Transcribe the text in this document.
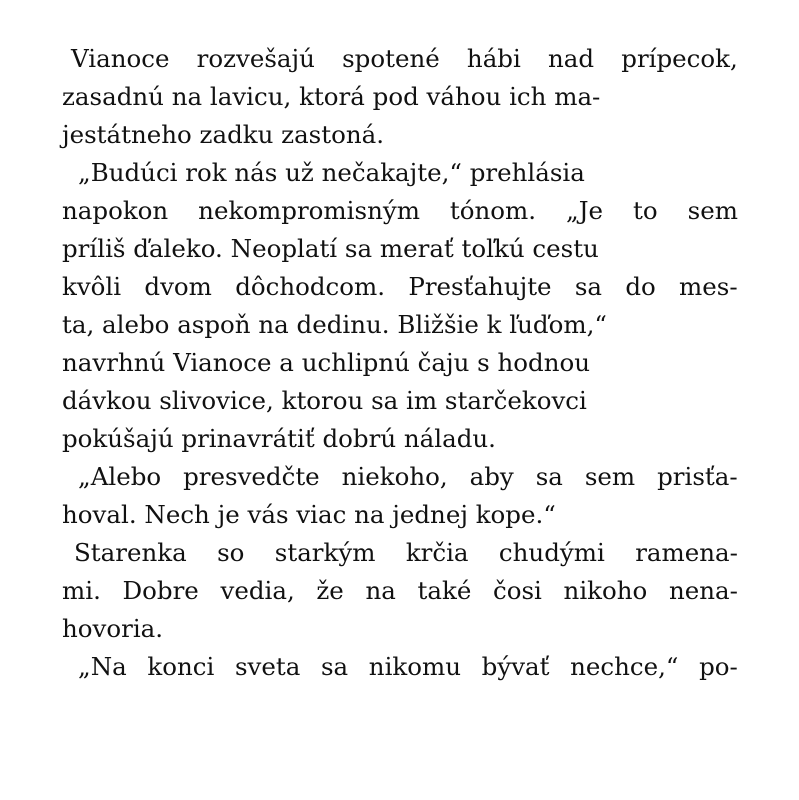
Vianoce rozvešajú spotené hábi nad prípecok,

zasadnú na lavicu, ktorá pod váhou ich ma-

jestátneho zadku zastoná.

„Budúci rok nás už nečakajte,“ prehlásia

napokon nekompromisným tónom. „Je to sem

príliš ďaleko. Neoplatí sa merať toľkú cestu

kvôli dvom dôchodcom. Presťahujte sa do mes-

ta, alebo aspoň na dedinu. Bližšie k ľuďom,“

navrhnú Vianoce a uchlipnú čaju s hodnou

dávkou slivovice, ktorou sa im starčekovci

pokúšajú prinavrátiť dobrú náladu.

„Alebo presvedčte niekoho, aby sa sem prisťa-

hoval. Nech je vás viac na jednej kope.“

Starenka so starkým krčia chudými ramena-

mi. Dobre vedia, že na také čosi nikoho nena-

hovoria.

„Na konci sveta sa nikomu bývať nechce,“ po-
